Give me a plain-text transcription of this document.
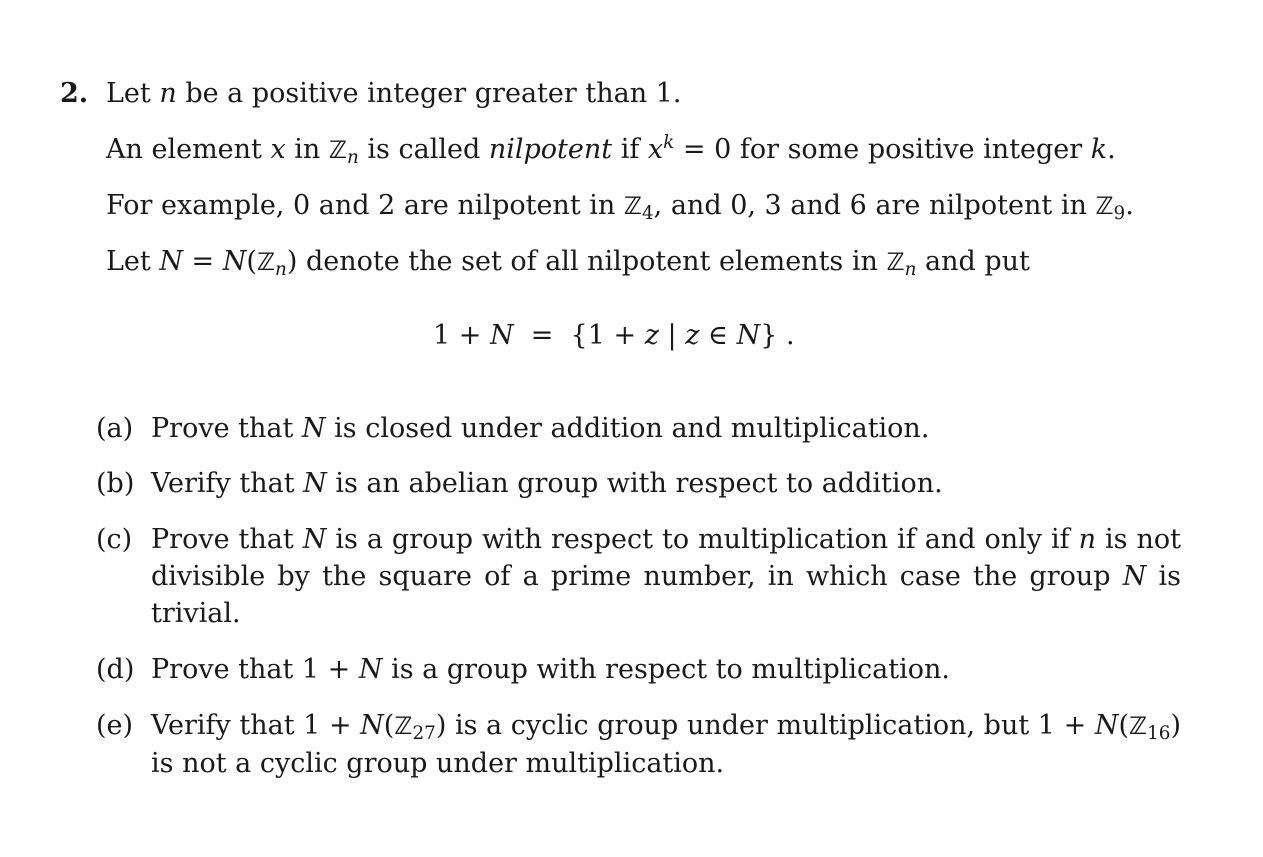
2. Let n be a positive integer greater than 1.
An element x in ℤ$_n$ is called nilpotent if $x^k = 0$ for some positive integer k.
For example, 0 and 2 are nilpotent in ℤ$_4$, and 0, 3 and 6 are nilpotent in ℤ$_9$.
Let N = N(ℤ$_n$) denote the set of all nilpotent elements in ℤ$_n$ and put
1 + N  =  {1 + z | z ∈ N} .
(a) Prove that N is closed under addition and multiplication.
(b) Verify that N is an abelian group with respect to addition.
(c) Prove that N is a group with respect to multiplication if and only if n is not divisible by the square of a prime number, in which case the group N is trivial.
(d) Prove that 1 + N is a group with respect to multiplication.
(e) Verify that 1 + N(ℤ$_{27}$) is a cyclic group under multiplication, but 1 + N(ℤ$_{16}$) is not a cyclic group under multiplication.
